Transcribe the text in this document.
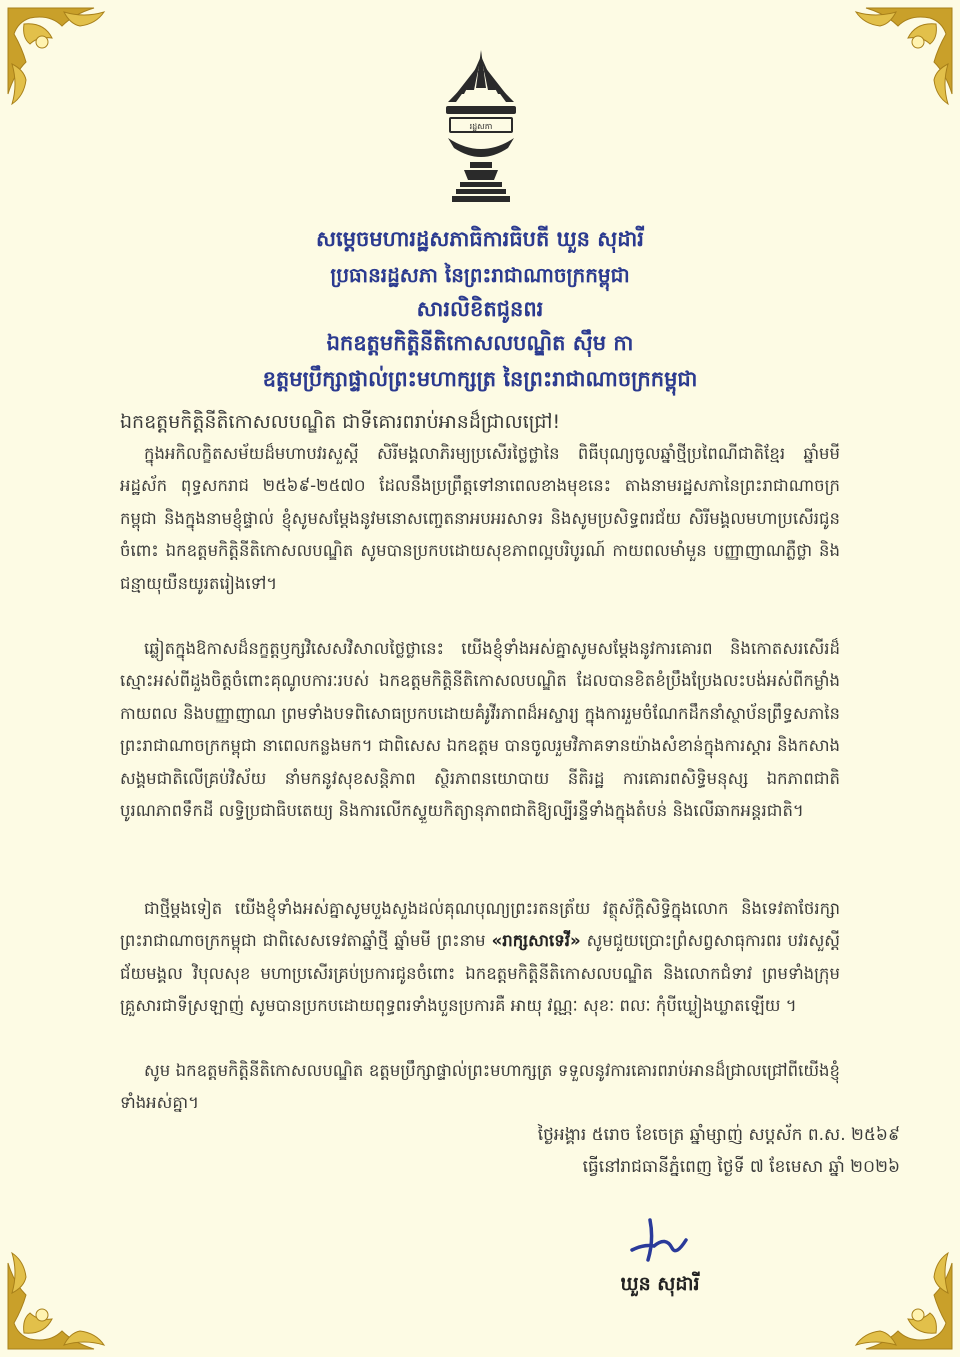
រដ្ឋសភា
សម្ដេចមហារដ្ឋសភាធិការធិបតី ឃួន សុដារី
ប្រធានរដ្ឋសភា នៃព្រះរាជាណាចក្រកម្ពុជា
សារលិខិតជូនពរ
ឯកឧត្ដមកិត្តិនីតិកោសលបណ្ឌិត ស៊ឹម កា
ឧត្ដមប្រឹក្សាផ្ទាល់ព្រះមហាក្សត្រ នៃព្រះរាជាណាចក្រកម្ពុជា
ឯកឧត្ដមកិត្តិនីតិកោសលបណ្ឌិត ជាទីគោរពរាប់អានដ៏ជ្រាលជ្រៅ!

ក្នុងអកិលក្ខិតសម័យដ៏មហាបវរសួស្ដី សិរីមង្គលាភិរម្យប្រសើរថ្លៃថ្លានៃ ពិធីបុណ្យចូលឆ្នាំថ្មីប្រពៃណីជាតិខ្មែរ ឆ្នាំមមី អដ្ឋស័ក ពុទ្ធសករាជ ២៥៦៩-២៥៧០ ដែលនឹងប្រព្រឹត្តទៅនាពេលខាងមុខនេះ តាងនាមរដ្ឋសភានៃព្រះរាជាណាចក្រកម្ពុជា និងក្នុងនាមខ្ញុំផ្ទាល់ ខ្ញុំសូមសម្ដែងនូវមនោសញ្ចេតនាអបអរសាទរ និងសូមប្រសិទ្ធពរជ័យ សិរីមង្គលមហាប្រសើរជូនចំពោះ ឯកឧត្ដមកិត្តិនីតិកោសលបណ្ឌិត សូមបានប្រកបដោយសុខភាពល្អបរិបូរណ៍ កាយពលមាំមួន បញ្ញាញាណភ្លឺថ្លា និងជន្មាយុយឺនយូរតរៀងទៅ។

ឆ្លៀតក្នុងឱកាសដ៏នក្ខត្តឫក្សវិសេសវិសាលថ្លៃថ្លានេះ យើងខ្ញុំទាំងអស់គ្នាសូមសម្ដែងនូវការគោរព និងកោតសរសើរដ៏ស្មោះអស់ពីដួងចិត្តចំពោះគុណូបការៈរបស់ ឯកឧត្ដមកិត្តិនីតិកោសលបណ្ឌិត ដែលបានខិតខំប្រឹងប្រែងលះបង់អស់ពីកម្លាំងកាយពល និងបញ្ញាញាណ ព្រមទាំងបទពិសោធប្រកបដោយគំរូវីរភាពដ៏អស្ចារ្យ ក្នុងការរួមចំណែកដឹកនាំស្ថាប័នព្រឹទ្ធសភានៃព្រះរាជាណាចក្រកម្ពុជា នាពេលកន្លងមក។ ជាពិសេស ឯកឧត្ដម បានចូលរួមវិភាគទានយ៉ាងសំខាន់ក្នុងការស្ដារ និងកសាងសង្គមជាតិលើគ្រប់វិស័យ នាំមកនូវសុខសន្តិភាព ស្ថិរភាពនយោបាយ នីតិរដ្ឋ ការគោរពសិទ្ធិមនុស្ស ឯកភាពជាតិ បូរណភាពទឹកដី លទ្ធិប្រជាធិបតេយ្យ និងការលើកស្ទួយកិត្យានុភាពជាតិឱ្យល្បីរន្ទឺទាំងក្នុងតំបន់ និងលើឆាកអន្តរជាតិ។

ជាថ្មីម្ដងទៀត យើងខ្ញុំទាំងអស់គ្នាសូមបួងសួងដល់គុណបុណ្យព្រះរតនត្រ័យ វត្ថុស័ក្ដិសិទ្ធិក្នុងលោក និងទេវតាថែរក្សាព្រះរាជាណាចក្រកម្ពុជា ជាពិសេសទេវតាឆ្នាំថ្មី ឆ្នាំមមី ព្រះនាម «រាក្សសាទេវី» សូមជួយប្រោះព្រំសព្វសាធុការពរ បវរសួស្ដី ជ័យមង្គល វិបុលសុខ មហាប្រសើរគ្រប់ប្រការជូនចំពោះ ឯកឧត្ដមកិត្តិនីតិកោសលបណ្ឌិត និងលោកជំទាវ ព្រមទាំងក្រុមគ្រួសារជាទីស្រឡាញ់ សូមបានប្រកបដោយពុទ្ធពរទាំងបួនប្រការគឺ អាយុ វណ្ណៈ សុខៈ ពលៈ កុំបីឃ្លៀងឃ្លាតឡើយ ។

សូម ឯកឧត្ដមកិត្តិនីតិកោសលបណ្ឌិត ឧត្ដមប្រឹក្សាផ្ទាល់ព្រះមហាក្សត្រ ទទួលនូវការគោរពរាប់អានដ៏ជ្រាលជ្រៅពីយើងខ្ញុំទាំងអស់គ្នា។

ថ្ងៃអង្គារ ៥រោច ខែចេត្រ ឆ្នាំម្សាញ់ សប្តស័ក ព.ស. ២៥៦៩
ធ្វើនៅរាជធានីភ្នំពេញ ថ្ងៃទី ៧ ខែមេសា ឆ្នាំ ២០២៦
ឃួន សុដារី
